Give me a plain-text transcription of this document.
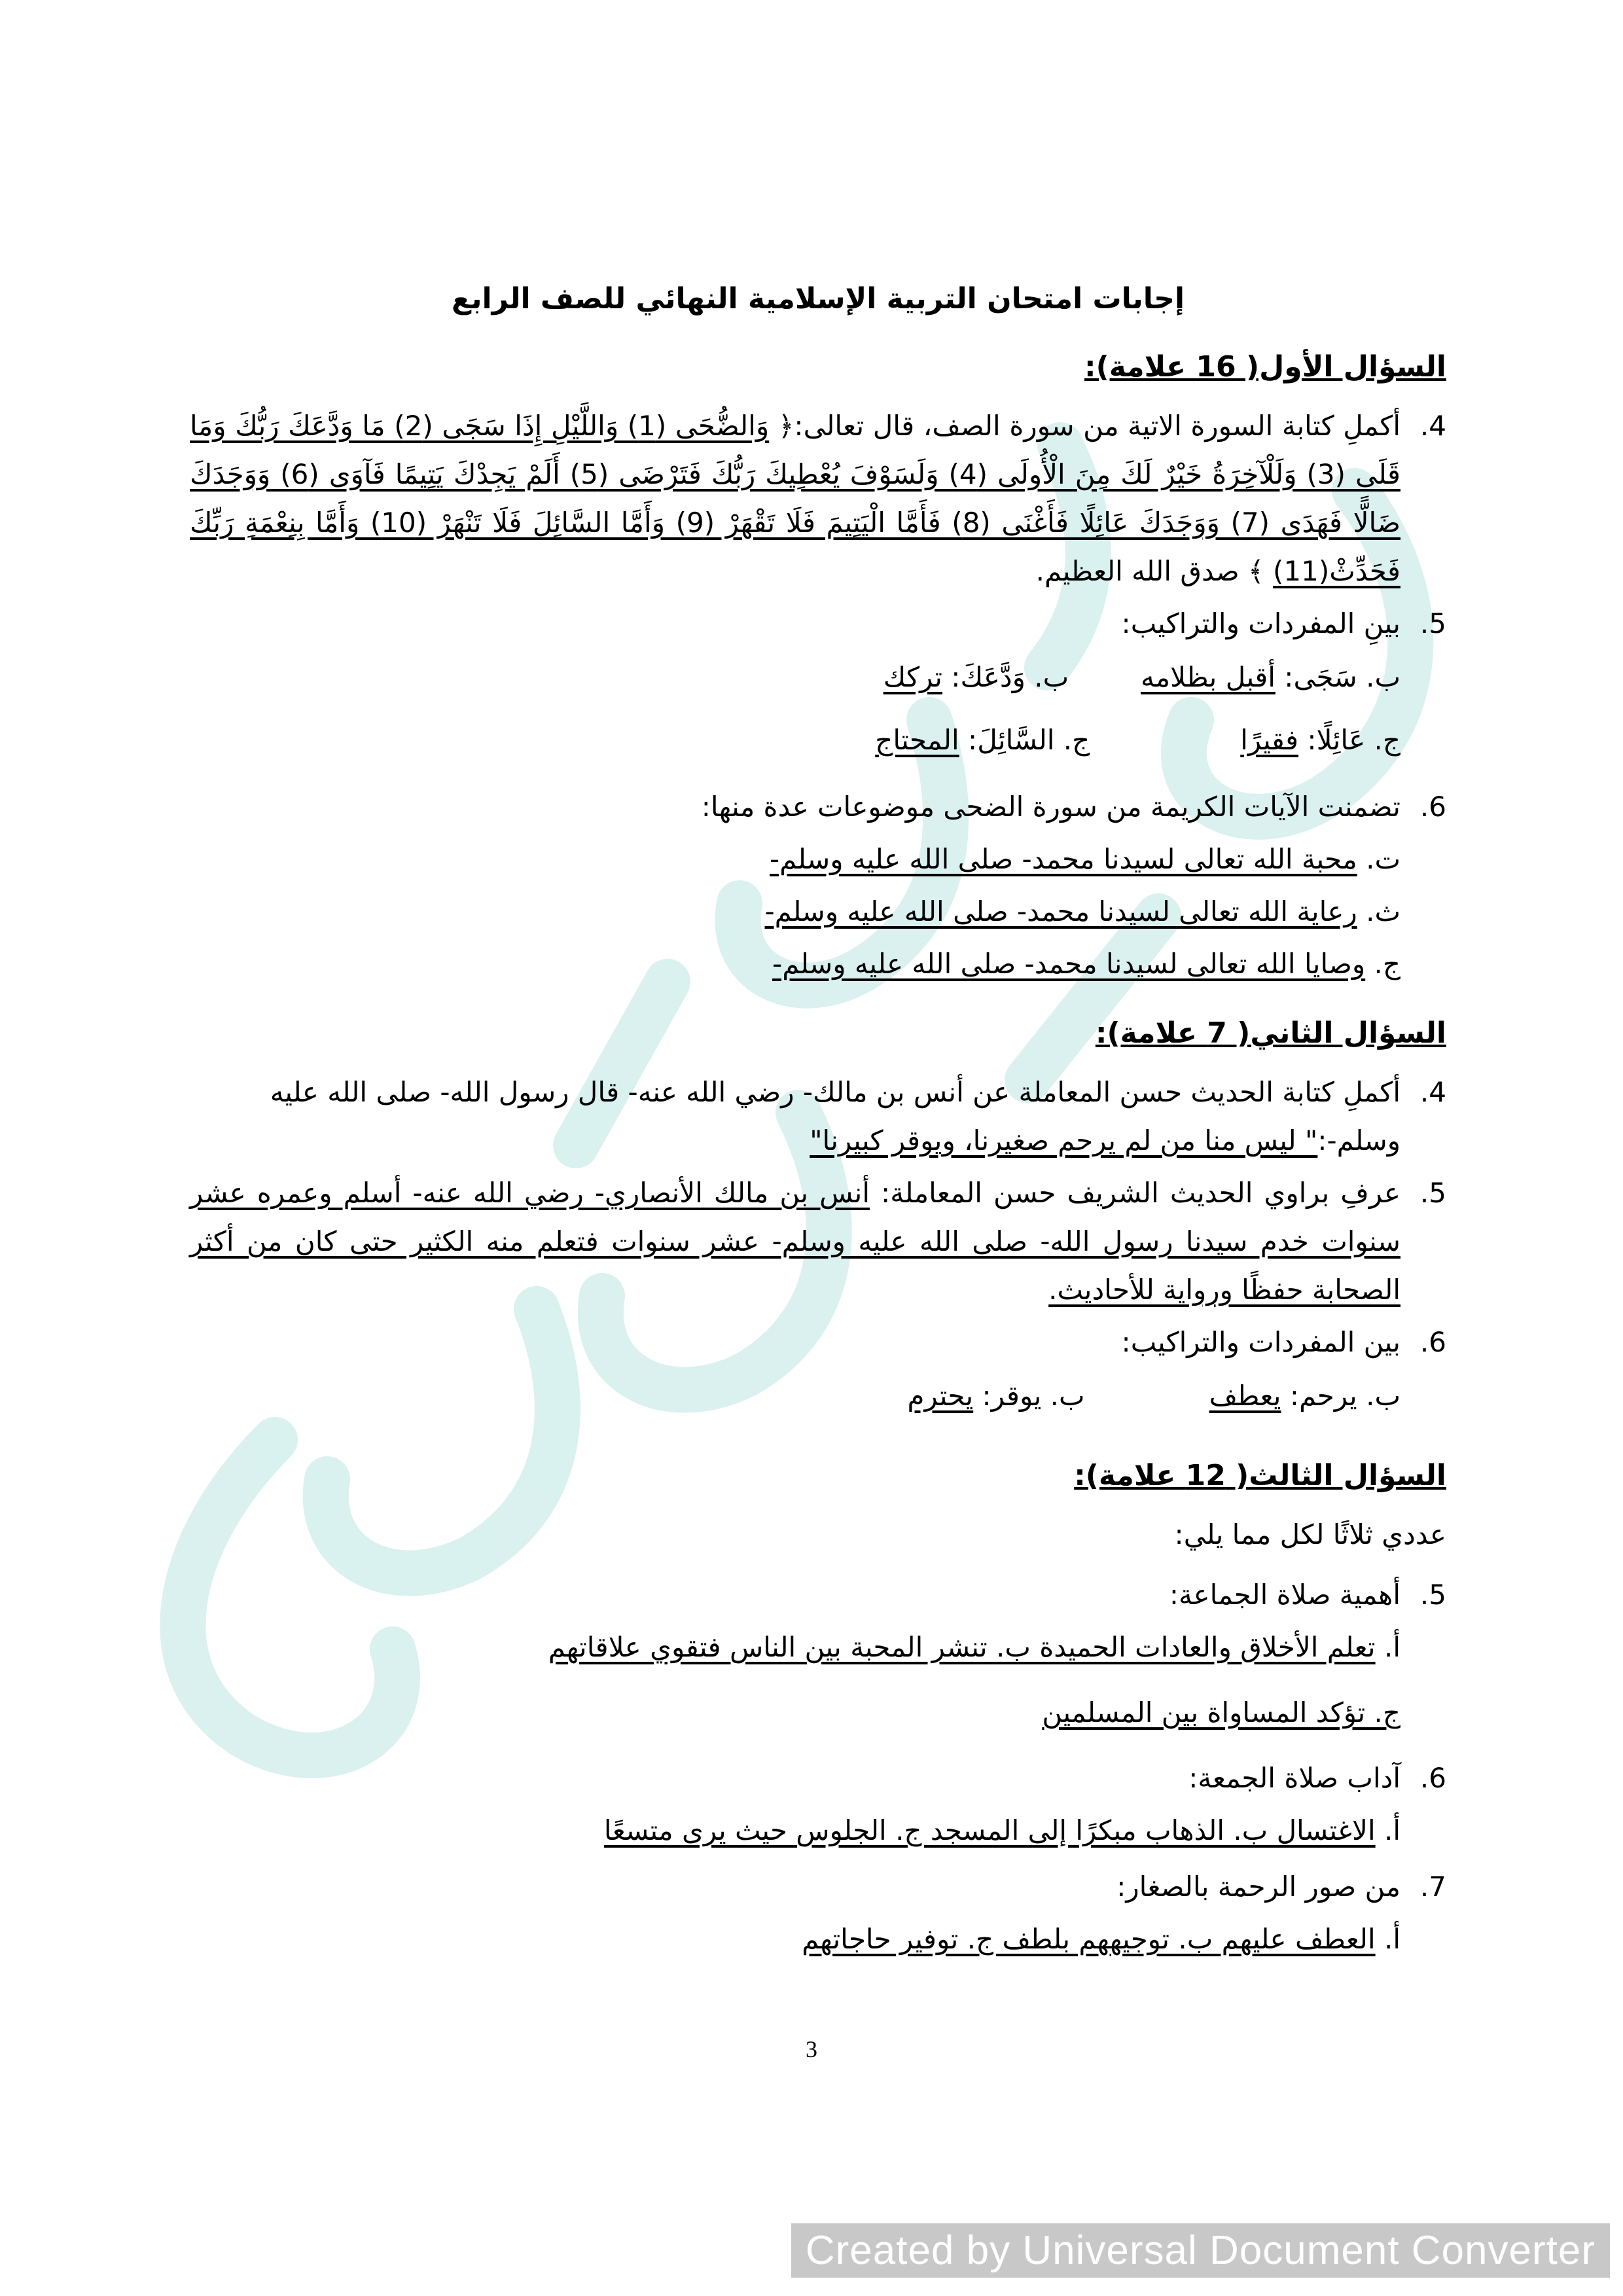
إجابات امتحان التربية الإسلامية النهائي للصف الرابع
السؤال الأول( 16 علامة):
4.
أكملِ كتابة السورة الاتية من سورة الصف، قال تعالى:﴿ وَالضُّحَى (1) وَاللَّيْلِ إِذَا سَجَى (2) مَا وَدَّعَكَ رَبُّكَ وَمَا قَلَى (3) وَلَلْآخِرَةُ خَيْرٌ لَكَ مِنَ الْأُولَى (4) وَلَسَوْفَ يُعْطِيكَ رَبُّكَ فَتَرْضَى (5) أَلَمْ يَجِدْكَ يَتِيمًا فَآوَى (6) وَوَجَدَكَ ضَالًّا فَهَدَى (7) وَوَجَدَكَ عَائِلًا فَأَغْنَى (8) فَأَمَّا الْيَتِيمَ فَلَا تَقْهَرْ (9) وَأَمَّا السَّائِلَ فَلَا تَنْهَرْ (10) وَأَمَّا بِنِعْمَةِ رَبِّكَ فَحَدِّثْ(11) ﴾ صدق الله العظيم.
5.
بينِ المفردات والتراكيب:
ب. سَجَى: أقبل بظلامه
ب. وَدَّعَكَ: تركك
ج. عَائِلًا: فقيرًا
ج. السَّائِلَ: المحتاج
6.
تضمنت الآيات الكريمة من سورة الضحى موضوعات عدة منها:
ت. محبة الله تعالى لسيدنا محمد- صلى الله عليه وسلم-
ث. رعاية الله تعالى لسيدنا محمد- صلى الله عليه وسلم-
ج. وصايا الله تعالى لسيدنا محمد- صلى الله عليه وسلم-
السؤال الثاني( 7 علامة):
4.
أكملِ كتابة الحديث حسن المعاملة عن أنس بن مالك- رضي الله عنه- قال رسول الله- صلى الله عليه وسلم-:" ليس منا من لم يرحم صغيرنا، ويوقر كبيرنا"
5.
عرفِ براوي الحديث الشريف حسن المعاملة: أنس بن مالك الأنصاري- رضي الله عنه- أسلم وعمره عشر سنوات خدم سيدنا رسول الله- صلى الله عليه وسلم- عشر سنوات فتعلم منه الكثير حتى كان من أكثر الصحابة حفظًا ورواية للأحاديث.
6.
بين المفردات والتراكيب:
ب. يرحم: يعطف
ب. يوقر: يحترم
السؤال الثالث( 12 علامة):
عددي ثلاثًا لكل مما يلي:
5.
أهمية صلاة الجماعة:
أ. تعلم الأخلاق والعادات الحميدة ب. تنشر المحبة بين الناس فتقوي علاقاتهم
ج. تؤكد المساواة بين المسلمين
6.
آداب صلاة الجمعة:
أ. الاغتسال ب. الذهاب مبكرًا إلى المسجد ج. الجلوس حيث يرى متسعًا
7.
من صور الرحمة بالصغار:
أ. العطف عليهم ب. توجيههم بلطف ج. توفير حاجاتهم
3
Created by Universal Document Converter
